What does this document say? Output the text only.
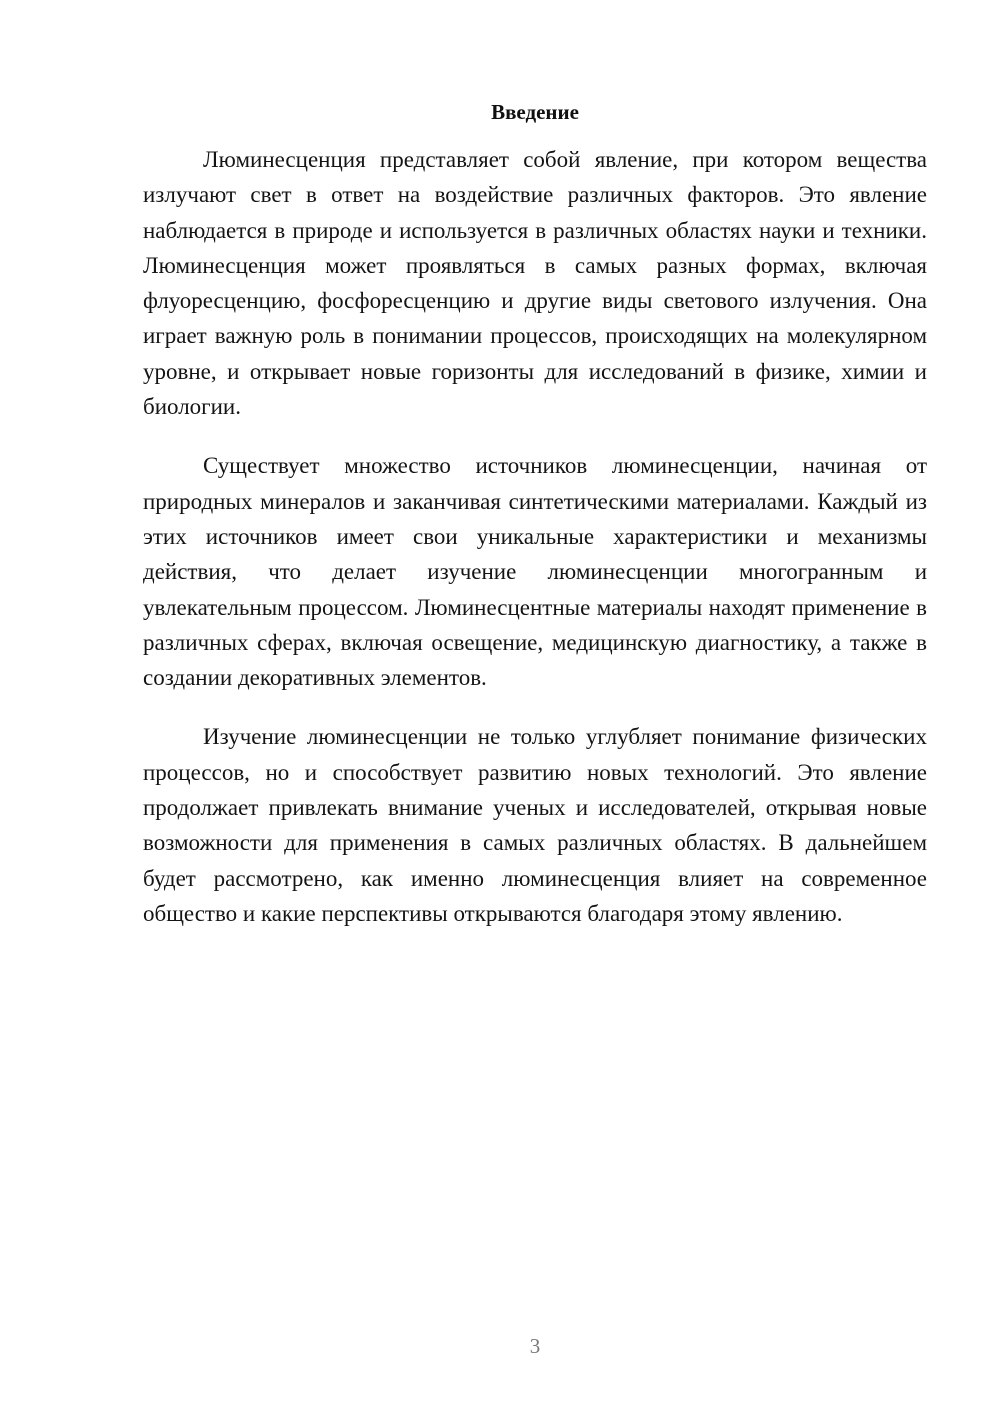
Введение

Люминесценция представляет собой явление, при котором вещества излучают свет в ответ на воздействие различных факторов. Это явление наблюдается в природе и используется в различных областях науки и техники. Люминесценция может проявляться в самых разных формах, включая флуоресценцию, фосфоресценцию и другие виды светового излучения. Она играет важную роль в понимании процессов, происходящих на молекулярном уровне, и открывает новые горизонты для исследований в физике, химии и биологии.

Существует множество источников люминесценции, начиная от природных минералов и заканчивая синтетическими материалами. Каждый из этих источников имеет свои уникальные характеристики и механизмы действия, что делает изучение люминесценции многогранным и увлекательным процессом. Люминесцентные материалы находят применение в различных сферах, включая освещение, медицинскую диагностику, а также в создании декоративных элементов.

Изучение люминесценции не только углубляет понимание физических процессов, но и способствует развитию новых технологий. Это явление продолжает привлекать внимание ученых и исследователей, открывая новые возможности для применения в самых различных областях. В дальнейшем будет рассмотрено, как именно люминесценция влияет на современное общество и какие перспективы открываются благодаря этому явлению.

3
